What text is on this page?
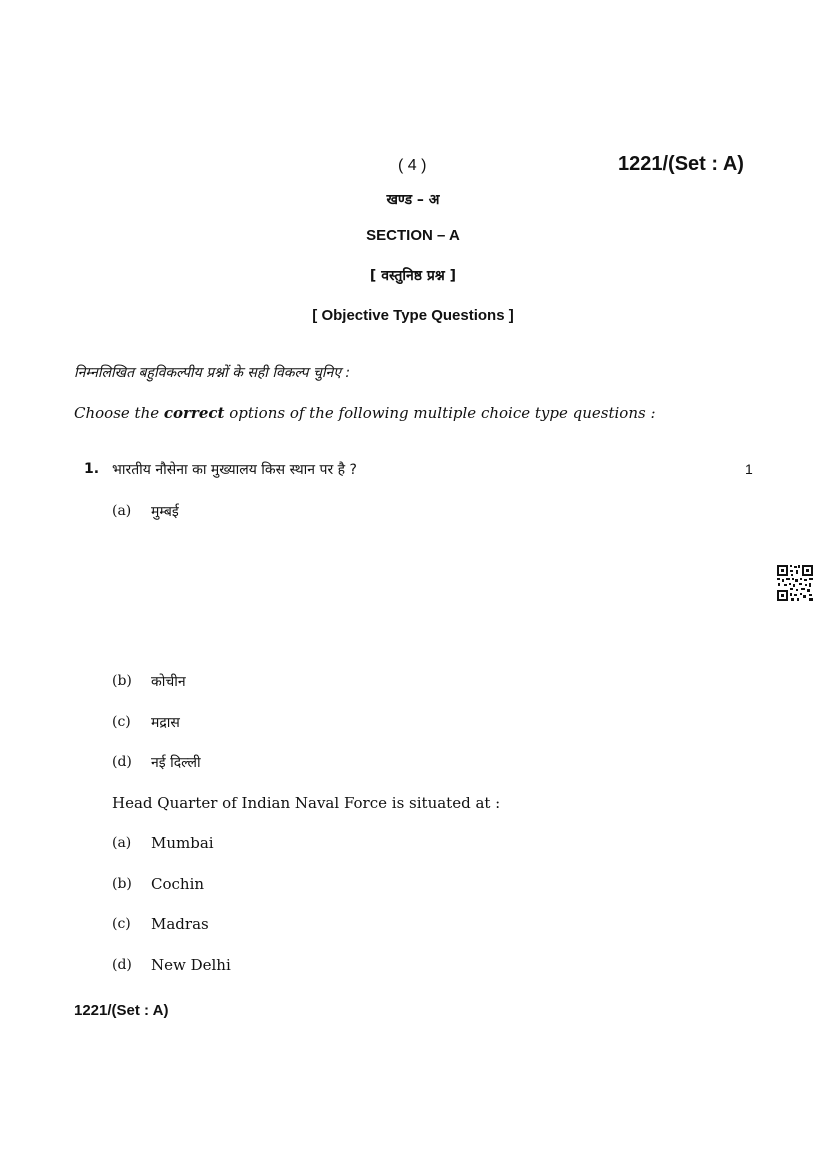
( 4 )	1221/(Set : A)
खण्ड – अ
SECTION – A
[ वस्तुनिष्ठ प्रश्न ]
[ Objective Type Questions ]
निम्नलिखित बहुविकल्पीय प्रश्नों के सही विकल्प चुनिए :
Choose the correct options of the following multiple choice type questions :
1. भारतीय नौसेना का मुख्यालय किस स्थान पर है ?	1
(a) मुम्बई
(b) कोचीन
(c) मद्रास
(d) नई दिल्ली
Head Quarter of Indian Naval Force is situated at :
(a) Mumbai
(b) Cochin
(c) Madras
(d) New Delhi
1221/(Set : A)
